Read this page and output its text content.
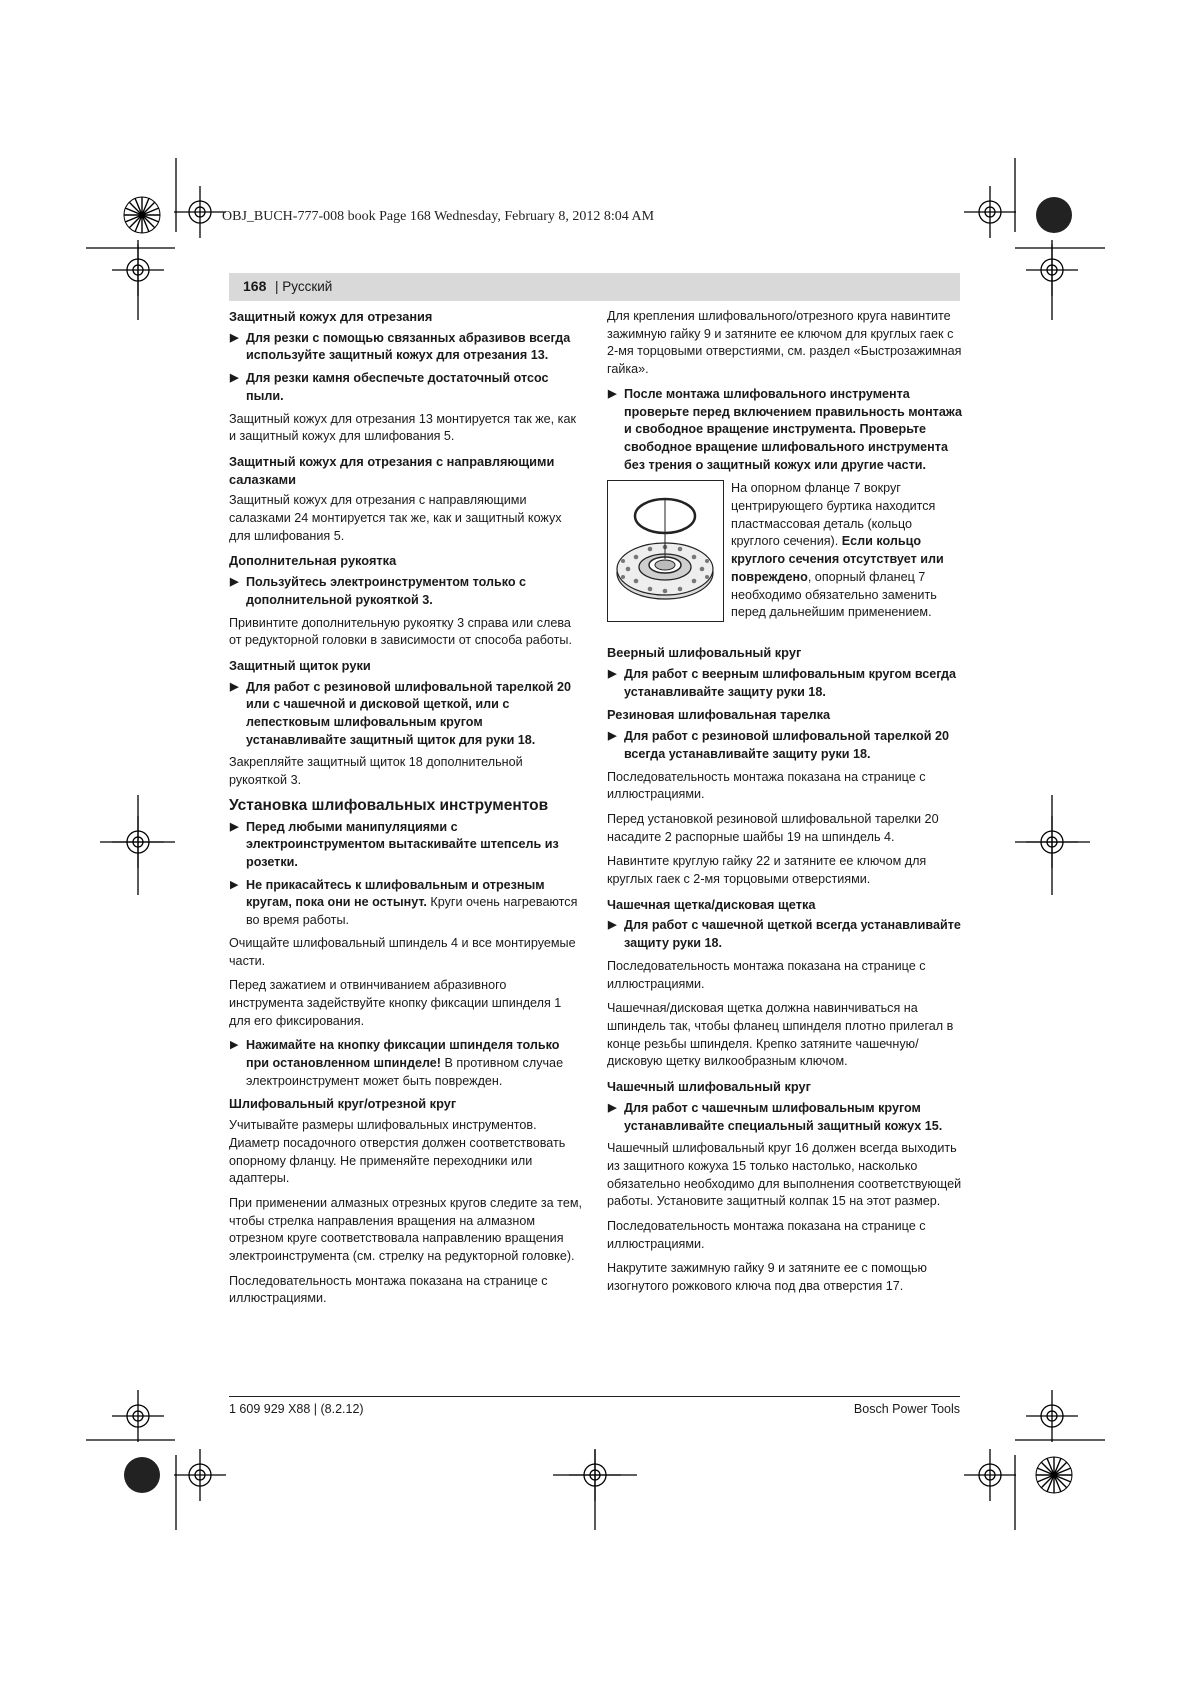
OBJ_BUCH-777-008 book Page 168 Wednesday, February 8, 2012 8:04 AM
168 | Русский
Защитный кожух для отрезания
▶ Для резки с помощью связанных абразивов всегда используйте защитный кожух для отрезания 13.
▶ Для резки камня обеспечьте достаточный отсос пыли.
Защитный кожух для отрезания 13 монтируется так же, как и защитный кожух для шлифования 5.
Защитный кожух для отрезания с направляющими салазками
Защитный кожух для отрезания с направляющими салазками 24 монтируется так же, как и защитный кожух для шлифования 5.
Дополнительная рукоятка
▶ Пользуйтесь электроинструментом только с дополнительной рукояткой 3.
Привинтите дополнительную рукоятку 3 справа или слева от редукторной головки в зависимости от способа работы.
Защитный щиток руки
▶ Для работ с резиновой шлифовальной тарелкой 20 или с чашечной и дисковой щеткой, или с лепестковым шлифовальным кругом устанавливайте защитный щиток для руки 18.
Закрепляйте защитный щиток 18 дополнительной рукояткой 3.
Установка шлифовальных инструментов
▶ Перед любыми манипуляциями с электроинструментом вытаскивайте штепсель из розетки.
▶ Не прикасайтесь к шлифовальным и отрезным кругам, пока они не остынут. Круги очень нагреваются во время работы.
Очищайте шлифовальный шпиндель 4 и все монтируемые части.
Перед зажатием и отвинчиванием абразивного инструмента задействуйте кнопку фиксации шпинделя 1 для его фиксирования.
▶ Нажимайте на кнопку фиксации шпинделя только при остановленном шпинделе! В противном случае электроинструмент может быть поврежден.
Шлифовальный круг/отрезной круг
Учитывайте размеры шлифовальных инструментов. Диаметр посадочного отверстия должен соответствовать опорному фланцу. Не применяйте переходники или адаптеры.
При применении алмазных отрезных кругов следите за тем, чтобы стрелка направления вращения на алмазном отрезном круге соответствовала направлению вращения электроинструмента (см. стрелку на редукторной головке).
Последовательность монтажа показана на странице с иллюстрациями.
Для крепления шлифовального/отрезного круга навинтите зажимную гайку 9 и затяните ее ключом для круглых гаек с 2-мя торцовыми отверстиями, см. раздел «Быстрозажимная гайка».
▶ После монтажа шлифовального инструмента проверьте перед включением правильность монтажа и свободное вращение инструмента. Проверьте свободное вращение шлифовального инструмента без трения о защитный кожух или другие части.
На опорном фланце 7 вокруг центрирующего буртика находится пластмассовая деталь (кольцо круглого сечения). Если кольцо круглого сечения отсутствует или повреждено, опорный фланец 7 необходимо обязательно заменить перед дальнейшим применением.
Веерный шлифовальный круг
▶ Для работ с веерным шлифовальным кругом всегда устанавливайте защиту руки 18.
Резиновая шлифовальная тарелка
▶ Для работ с резиновой шлифовальной тарелкой 20 всегда устанавливайте защиту руки 18.
Последовательность монтажа показана на странице с иллюстрациями.
Перед установкой резиновой шлифовальной тарелки 20 насадите 2 распорные шайбы 19 на шпиндель 4.
Навинтите круглую гайку 22 и затяните ее ключом для круглых гаек с 2-мя торцовыми отверстиями.
Чашечная щетка/дисковая щетка
▶ Для работ с чашечной щеткой всегда устанавливайте защиту руки 18.
Последовательность монтажа показана на странице с иллюстрациями.
Чашечная/дисковая щетка должна навинчиваться на шпиндель так, чтобы фланец шпинделя плотно прилегал в конце резьбы шпинделя. Крепко затяните чашечную/дисковую щетку вилкообразным ключом.
Чашечный шлифовальный круг
▶ Для работ с чашечным шлифовальным кругом устанавливайте специальный защитный кожух 15.
Чашечный шлифовальный круг 16 должен всегда выходить из защитного кожуха 15 только настолько, насколько обязательно необходимо для выполнения соответствующей работы. Установите защитный колпак 15 на этот размер.
Последовательность монтажа показана на странице с иллюстрациями.
Накрутите зажимную гайку 9 и затяните ее с помощью изогнутого рожкового ключа под два отверстия 17.
1 609 929 X88 | (8.2.12)	Bosch Power Tools
